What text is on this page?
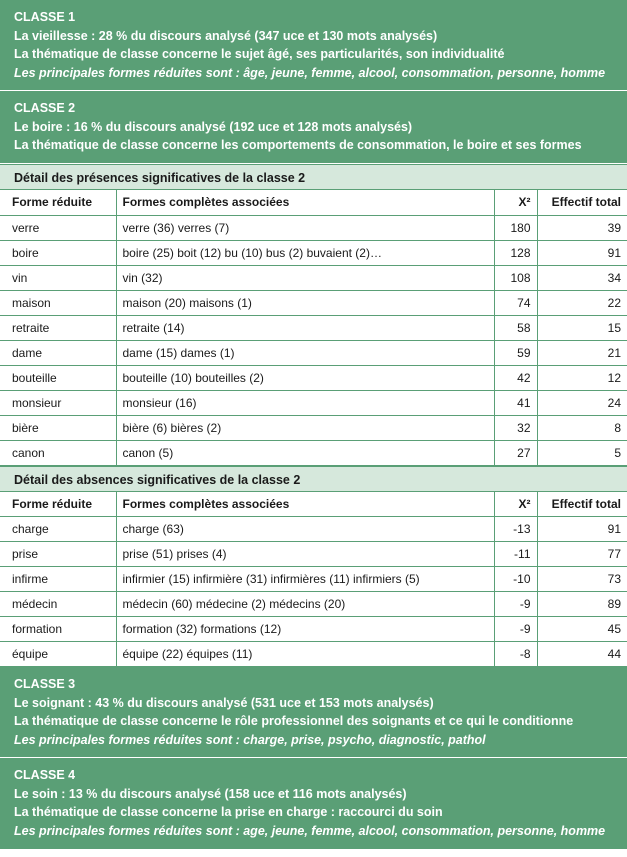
CLASSE 1
La vieillesse : 28 % du discours analysé (347 uce et 130 mots analysés)
La thématique de classe concerne le sujet âgé, ses particularités, son individualité
Les principales formes réduites sont : âge, jeune, femme, alcool, consommation, personne, homme
CLASSE 2
Le boire : 16 % du discours analysé (192 uce et 128 mots analysés)
La thématique de classe concerne les comportements de consommation, le boire et ses formes
Détail des présences significatives de la classe 2
Forme réduite	Formes complètes associées	X²	Effectif total
verre	verre (36) verres (7)	180	39
boire	boire (25) boit (12) bu (10) bus (2) buvaient (2)…	128	91
vin	vin (32)	108	34
maison	maison (20) maisons (1)	74	22
retraite	retraite (14)	58	15
dame	dame (15) dames (1)	59	21
bouteille	bouteille (10) bouteilles (2)	42	12
monsieur	monsieur (16)	41	24
bière	bière (6) bières (2)	32	8
canon	canon (5)	27	5
Détail des absences significatives de la classe 2
Forme réduite	Formes complètes associées	X²	Effectif total
charge	charge (63)	-13	91
prise	prise (51) prises (4)	-11	77
infirme	infirmier (15) infirmière (31) infirmières (11) infirmiers (5)	-10	73
médecin	médecin (60) médecine (2) médecins (20)	-9	89
formation	formation (32) formations (12)	-9	45
équipe	équipe (22) équipes (11)	-8	44
CLASSE 3
Le soignant : 43 % du discours analysé (531 uce et 153 mots analysés)
La thématique de classe concerne le rôle professionnel des soignants et ce qui le conditionne
Les principales formes réduites sont : charge, prise, psycho, diagnostic, pathol
CLASSE 4
Le soin : 13 % du discours analysé (158 uce et 116 mots analysés)
La thématique de classe concerne la prise en charge : raccourci du soin
Les principales formes réduites sont : age, jeune, femme, alcool, consommation, personne, homme
